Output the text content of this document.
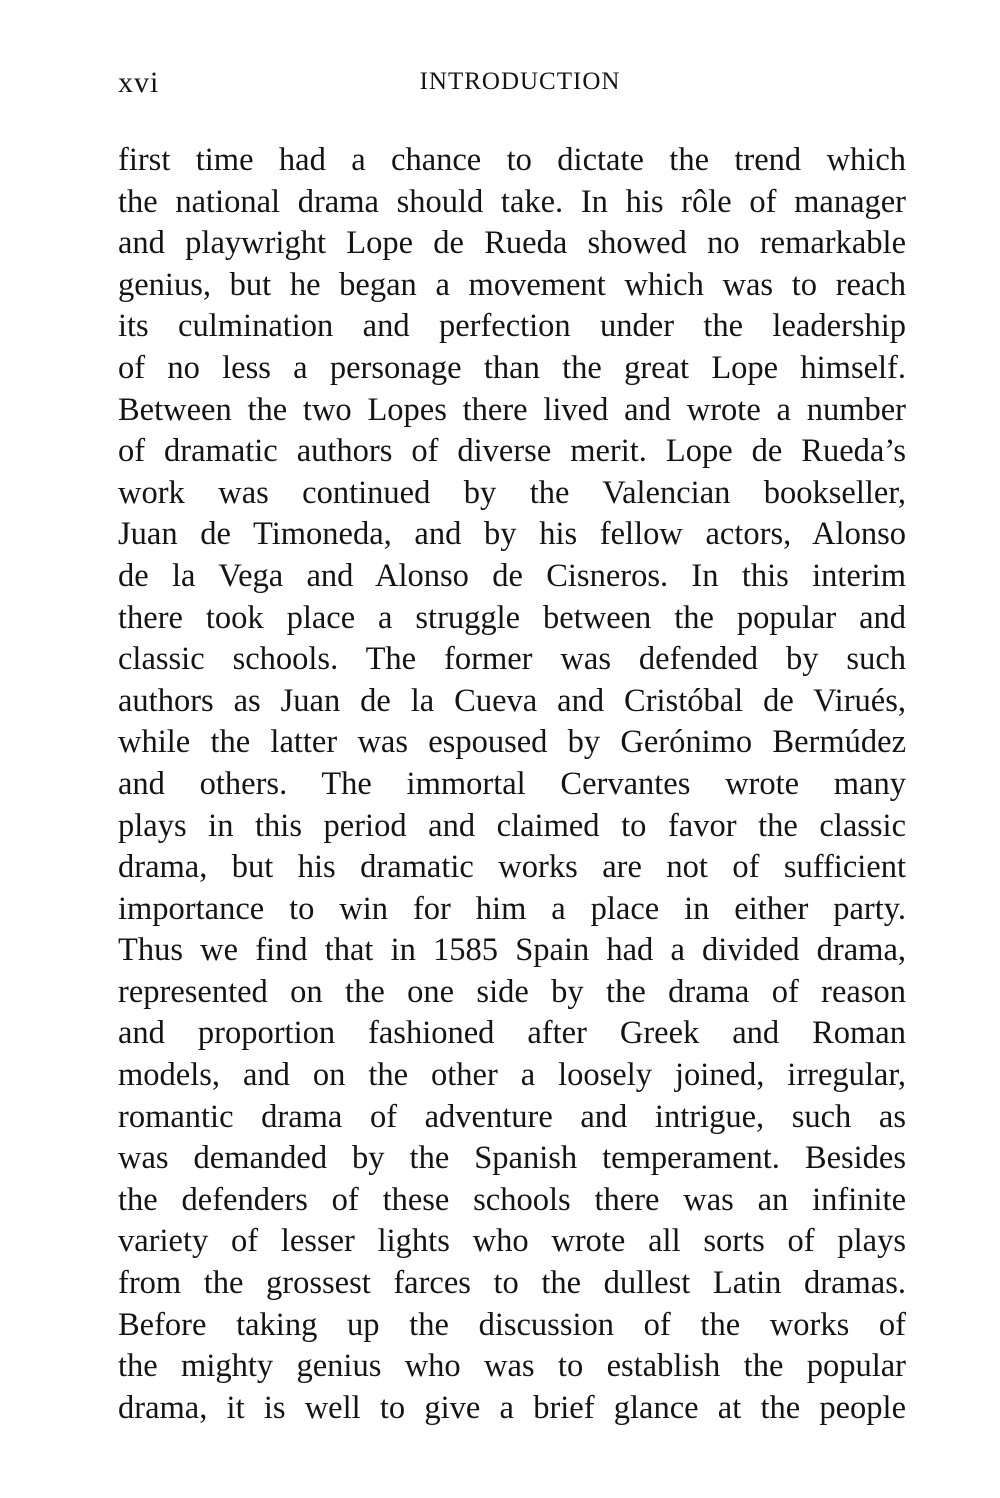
xvi	INTRODUCTION

first time had a chance to dictate the trend which
the national drama should take. In his rôle of manager
and playwright Lope de Rueda showed no remarkable
genius, but he began a movement which was to reach
its culmination and perfection under the leadership
of no less a personage than the great Lope himself.
Between the two Lopes there lived and wrote a number
of dramatic authors of diverse merit. Lope de Rueda’s
work was continued by the Valencian bookseller,
Juan de Timoneda, and by his fellow actors, Alonso
de la Vega and Alonso de Cisneros. In this interim
there took place a struggle between the popular and
classic schools. The former was defended by such
authors as Juan de la Cueva and Cristóbal de Virués,
while the latter was espoused by Gerónimo Bermúdez
and others. The immortal Cervantes wrote many
plays in this period and claimed to favor the classic
drama, but his dramatic works are not of sufficient
importance to win for him a place in either party.
Thus we find that in 1585 Spain had a divided drama,
represented on the one side by the drama of reason
and proportion fashioned after Greek and Roman
models, and on the other a loosely joined, irregular,
romantic drama of adventure and intrigue, such as
was demanded by the Spanish temperament. Besides
the defenders of these schools there was an infinite
variety of lesser lights who wrote all sorts of plays
from the grossest farces to the dullest Latin dramas.
Before taking up the discussion of the works of
the mighty genius who was to establish the popular
drama, it is well to give a brief glance at the people
